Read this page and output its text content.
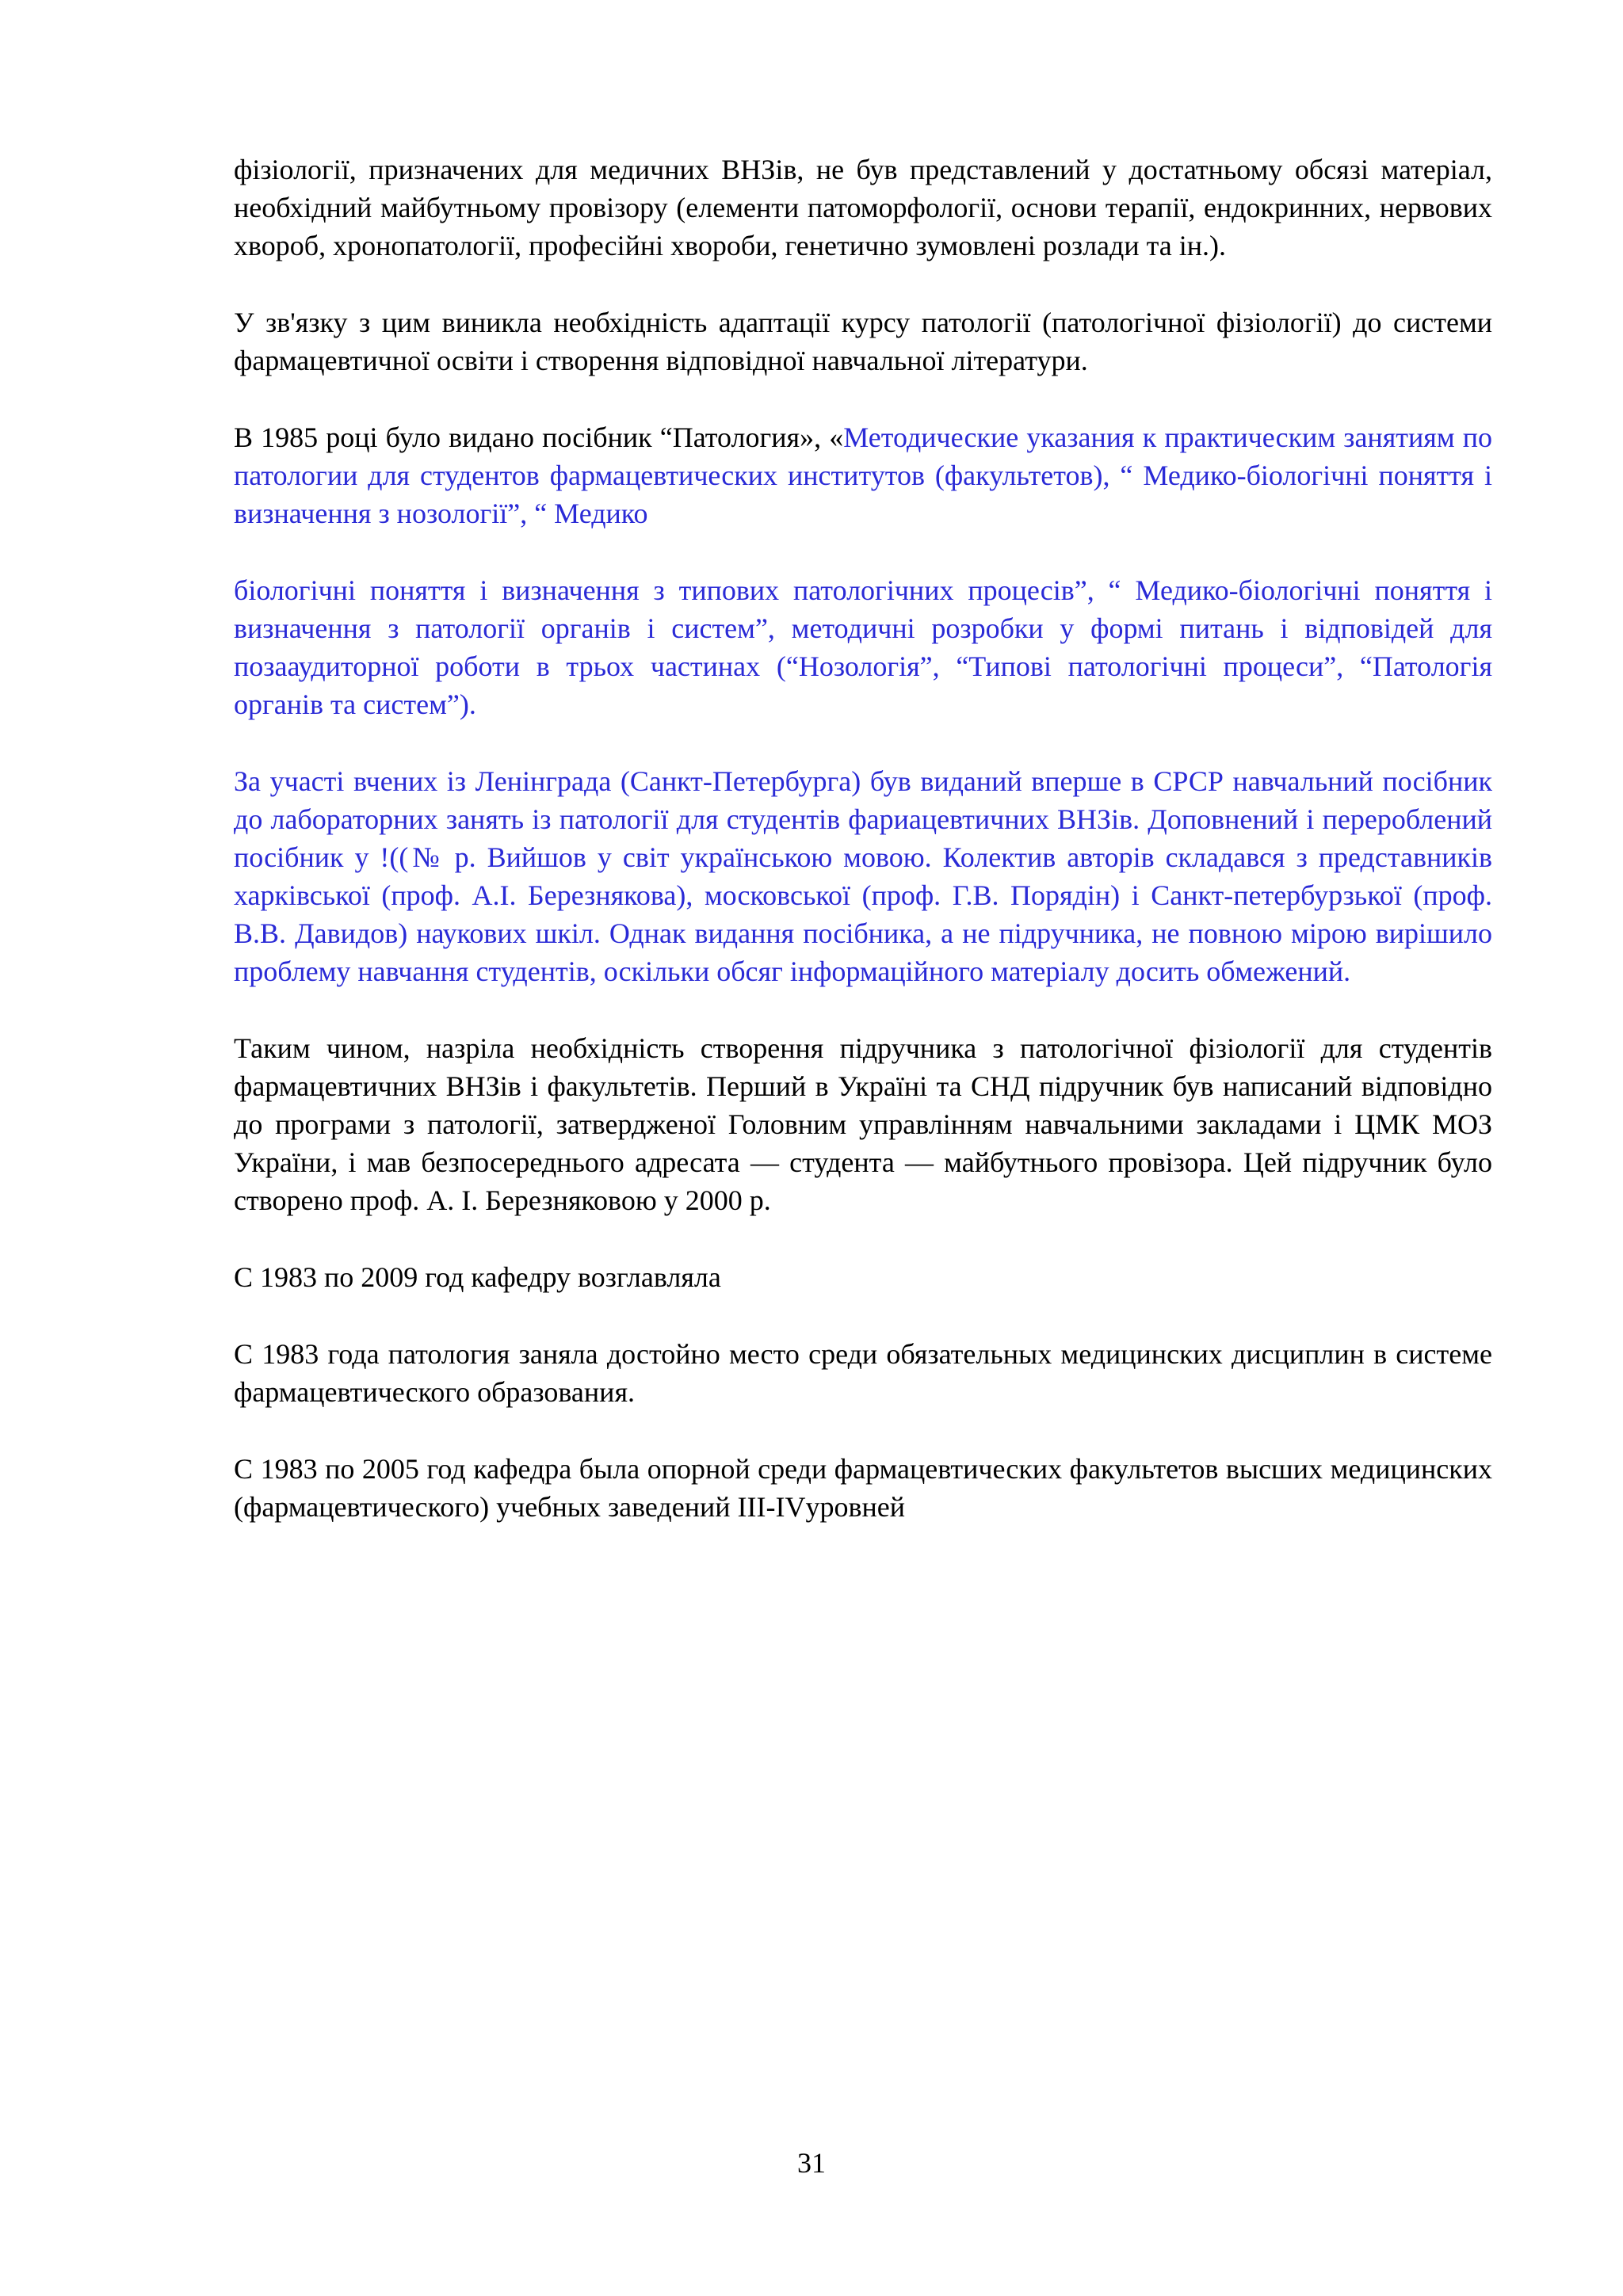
фізіології, призначених для медичних ВНЗів, не був представлений у достатньому обсязі матеріал, необхідний майбутньому провізору (елементи патоморфології, основи терапії, ендокринних, нервових хвороб, хронопатології, професійні хвороби, генетично зумовлені розлади та ін.).

У зв'язку з цим виникла необхідність адаптації курсу патології (патологічної фізіології) до системи фармацевтичної освіти і створення відповідної навчальної літератури.

В 1985 році було видано посібник “Патология», «Методические указания к практическим занятиям по патологии для студентов фармацевтических институтов (факультетов), “ Медико-біологічні поняття і визначення з нозології”, “ Медико

біологічні поняття і визначення з типових патологічних процесів”, “ Медико-біологічні поняття і визначення з патології органів і систем”, методичні розробки у формі питань і відповідей для позааудиторної роботи в трьох частинах (“Нозологія”, “Типові патологічні процеси”, “Патологія органів та систем”).

За участі вчених із Ленінграда (Санкт-Петербурга) був виданий вперше в СРСР навчальний посібник до лабораторних занять із патології для студентів фариацевтичних ВНЗів. Доповнений і перероблений посібник у !((№ р. Вийшов у світ українською мовою. Колектив авторів складався з представників харківської (проф. А.І. Березнякова), московської (проф. Г.В. Порядін) і Санкт-петербурзької (проф. В.В. Давидов) наукових шкіл. Однак видання посібника, а не підручника, не повною мірою вирішило проблему навчання студентів, оскільки обсяг інформаційного матеріалу досить обмежений.

Таким чином, назріла необхідність створення підручника з патологічної фізіології для студентів фармацевтичних ВНЗів і факультетів. Перший в Україні та СНД підручник був написаний відповідно до програми з патології, затвердженої Головним управлінням навчальними закладами і ЦМК МОЗ України, і мав безпосереднього адресата — студента — майбутнього провізора. Цей підручник було створено проф. А. І. Березняковою у 2000 р.

С 1983 по 2009 год кафедру возглавляла

С 1983 года патология заняла достойно место среди обязательных медицинских дисциплин в системе фармацевтического образования.

С 1983 по 2005 год кафедра была опорной среди фармацевтических факультетов высших медицинских (фармацевтического) учебных заведений III-IVуровней

31
